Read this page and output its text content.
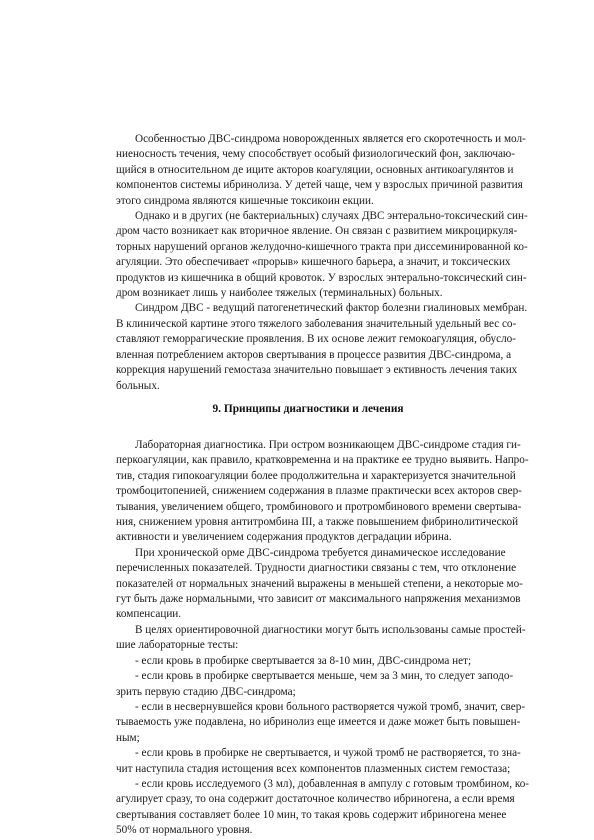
Особенностью ДВС-синдрома новорожденных является его скоротечность и мол-
ниеносность течения, чему способствует особый физиологический фон, заключаю-
щийся в относительном де иците акторов коагуляции, основных антикоагулянтов и
компонентов системы ибринолиза. У детей чаще, чем у взрослых причиной развития
этого синдрома являются кишечные токсикоин екции.
Однако и в других (не бактериальных) случаях ДВС энтерально-токсический син-
дром часто возникает как вторичное явление. Он связан с развитием микроциркуля-
торных нарушений органов желудочно-кишечного тракта при диссеминированной ко-
агуляции. Это обеспечивает «прорыв» кишечного барьера, а значит, и токсических
продуктов из кишечника в общий кровоток. У взрослых энтерально-токсический син-
дром возникает лишь у наиболее тяжелых (терминальных) больных.
Синдром ДВС - ведущий патогенетический фактор болезни гиалиновых мембран.
В клинической картине этого тяжелого заболевания значительный удельный вес со-
ставляют геморрагические проявления. В их основе лежит гемокоагуляция, обусло-
вленная потреблением акторов свертывания в процессе развития ДВС-синдрома, а
коррекция нарушений гемостаза значительно повышает э ективность лечения таких
больных.
9. Принципы диагностики и лечения
Лабораторная диагностика. При остром возникающем ДВС-синдроме стадия ги-
перкоагуляции, как правило, кратковременна и на практике ее трудно выявить. Напро-
тив, стадия гипокоагуляции более продолжительна и характеризуется значительной
тромбоцитопенией, снижением содержания в плазме практически всех акторов свер-
тывания, увеличением общего, тромбинового и протромбинового времени свертыва-
ния, снижением уровня антитромбина III, а также повышением фибринолитической
активности и увеличением содержания продуктов деградации ибрина.
При хронической орме ДВС-синдрома требуется динамическое исследование
перечисленных показателей. Трудности диагностики связаны с тем, что отклонение
показателей от нормальных значений выражены в меньшей степени, а некоторые мо-
гут быть даже нормальными, что зависит от максимального напряжения механизмов
компенсации.
В целях ориентировочной диагностики могут быть использованы самые простей-
шие лабораторные тесты:
- если кровь в пробирке свертывается за 8-10 мин, ДВС-синдрома нет;
- если кровь в пробирке свертывается меньше, чем за 3 мин, то следует заподо-
зрить первую стадию ДВС-синдрома;
- если в несвернувшейся крови больного растворяется чужой тромб, значит, свер-
тываемость уже подавлена, но ибринолиз еще имеется и даже может быть повышен-
ным;
- если кровь в пробирке не свертывается, и чужой тромб не растворяется, то зна-
чит наступила стадия истощения всех компонентов плазменных систем гемостаза;
- если кровь исследуемого (3 мл), добавленная в ампулу с готовым тромбином, ко-
агулирует сразу, то она содержит достаточное количество ибриногена, а если время
свертывания составляет более 10 мин, то такая кровь содержит ибриногена менее
50% от нормального уровня.
